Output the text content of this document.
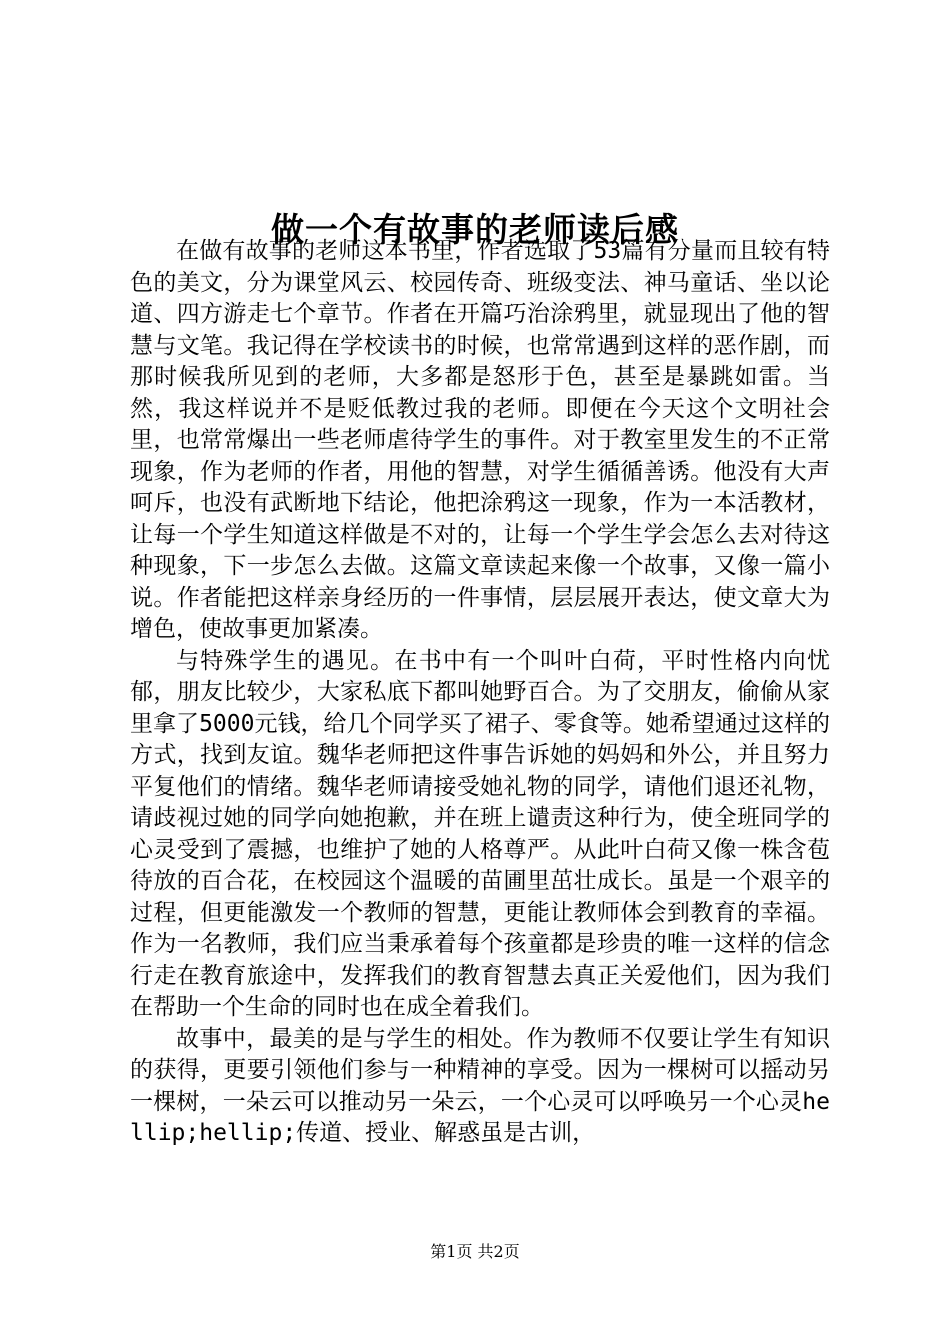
做一个有故事的老师读后感

在做有故事的老师这本书里，作者选取了53篇有分量而且较有特色的美文，分为课堂风云、校园传奇、班级变法、神马童话、坐以论道、四方游走七个章节。作者在开篇巧治涂鸦里，就显现出了他的智慧与文笔。我记得在学校读书的时候，也常常遇到这样的恶作剧，而那时候我所见到的老师，大多都是怒形于色，甚至是暴跳如雷。当然，我这样说并不是贬低教过我的老师。即便在今天这个文明社会里，也常常爆出一些老师虐待学生的事件。对于教室里发生的不正常现象，作为老师的作者，用他的智慧，对学生循循善诱。他没有大声呵斥，也没有武断地下结论，他把涂鸦这一现象，作为一本活教材，让每一个学生知道这样做是不对的，让每一个学生学会怎么去对待这种现象，下一步怎么去做。这篇文章读起来像一个故事，又像一篇小说。作者能把这样亲身经历的一件事情，层层展开表达，使文章大为增色，使故事更加紧凑。

与特殊学生的遇见。在书中有一个叫叶白荷，平时性格内向忧郁，朋友比较少，大家私底下都叫她野百合。为了交朋友，偷偷从家里拿了5000元钱，给几个同学买了裙子、零食等。她希望通过这样的方式，找到友谊。魏华老师把这件事告诉她的妈妈和外公，并且努力平复他们的情绪。魏华老师请接受她礼物的同学，请他们退还礼物，请歧视过她的同学向她抱歉，并在班上谴责这种行为，使全班同学的心灵受到了震撼，也维护了她的人格尊严。从此叶白荷又像一株含苞待放的百合花，在校园这个温暖的苗圃里茁壮成长。虽是一个艰辛的过程，但更能激发一个教师的智慧，更能让教师体会到教育的幸福。作为一名教师，我们应当秉承着每个孩童都是珍贵的唯一这样的信念行走在教育旅途中，发挥我们的教育智慧去真正关爱他们，因为我们在帮助一个生命的同时也在成全着我们。

故事中，最美的是与学生的相处。作为教师不仅要让学生有知识的获得，更要引领他们参与一种精神的享受。因为一棵树可以摇动另一棵树，一朵云可以推动另一朵云，一个心灵可以呼唤另一个心灵hellip;hellip;传道、授业、解惑虽是古训，

第1页 共2页
